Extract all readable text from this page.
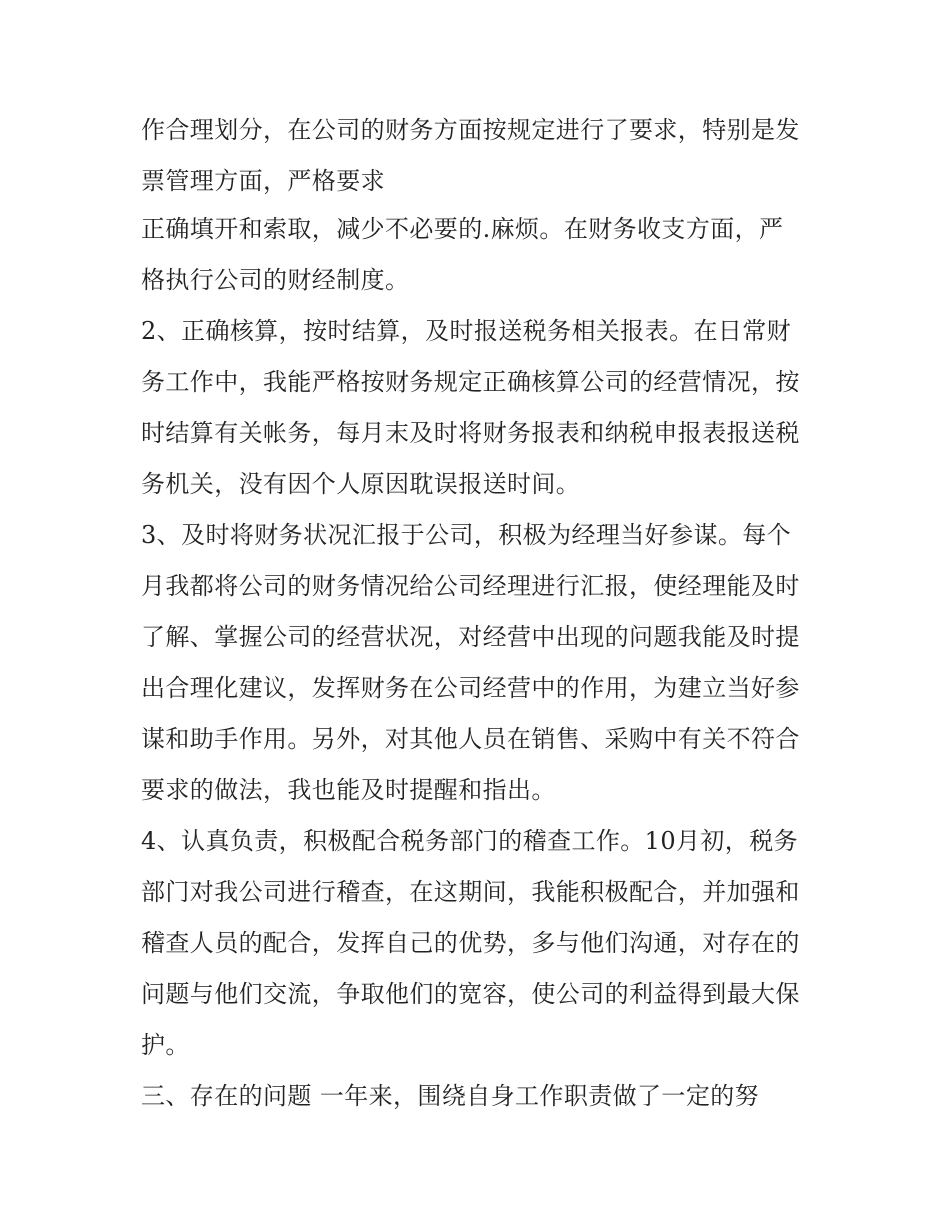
作合理划分，在公司的财务方面按规定进行了要求，特别是发

票管理方面，严格要求

正确填开和索取，减少不必要的.麻烦。在财务收支方面，严

格执行公司的财经制度。

2、正确核算，按时结算，及时报送税务相关报表。在日常财

务工作中，我能严格按财务规定正确核算公司的经营情况，按

时结算有关帐务，每月末及时将财务报表和纳税申报表报送税

务机关，没有因个人原因耽误报送时间。

3、及时将财务状况汇报于公司，积极为经理当好参谋。每个

月我都将公司的财务情况给公司经理进行汇报，使经理能及时

了解、掌握公司的经营状况，对经营中出现的问题我能及时提

出合理化建议，发挥财务在公司经营中的作用，为建立当好参

谋和助手作用。另外，对其他人员在销售、采购中有关不符合

要求的做法，我也能及时提醒和指出。

4、认真负责，积极配合税务部门的稽查工作。10月初，税务

部门对我公司进行稽查，在这期间，我能积极配合，并加强和

稽查人员的配合，发挥自己的优势，多与他们沟通，对存在的

问题与他们交流，争取他们的宽容，使公司的利益得到最大保

护。

三、存在的问题 一年来，围绕自身工作职责做了一定的努
